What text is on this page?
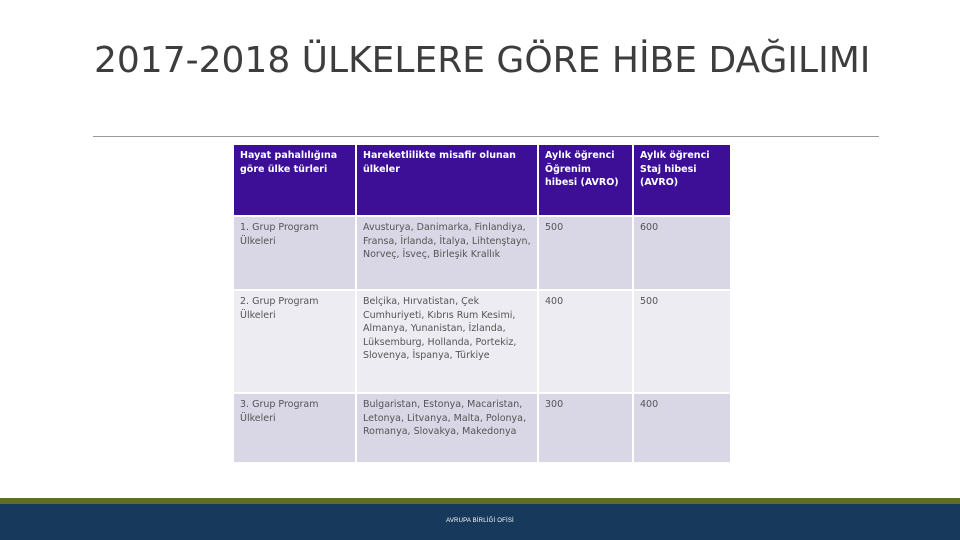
2017-2018 ÜLKELERE GÖRE HİBE DAĞILIMI
Hayat pahalılığına göre ülke türleri	Hareketlilikte misafir olunan ülkeler	Aylık öğrenci Öğrenim hibesi (AVRO)	Aylık öğrenci Staj hibesi (AVRO)
1. Grup Program Ülkeleri	Avusturya, Danimarka, Finlandiya, Fransa, İrlanda, İtalya, Lihtenştayn, Norveç, İsveç, Birleşik Krallık	500	600
2. Grup Program Ülkeleri	Belçika, Hırvatistan, Çek Cumhuriyeti, Kıbrıs Rum Kesimi, Almanya, Yunanistan, İzlanda, Lüksemburg, Hollanda, Portekiz, Slovenya, İspanya, Türkiye	400	500
3. Grup Program Ülkeleri	Bulgaristan, Estonya, Macaristan, Letonya, Litvanya, Malta, Polonya, Romanya, Slovakya, Makedonya	300	400
AVRUPA BİRLİĞİ OFİSİ
